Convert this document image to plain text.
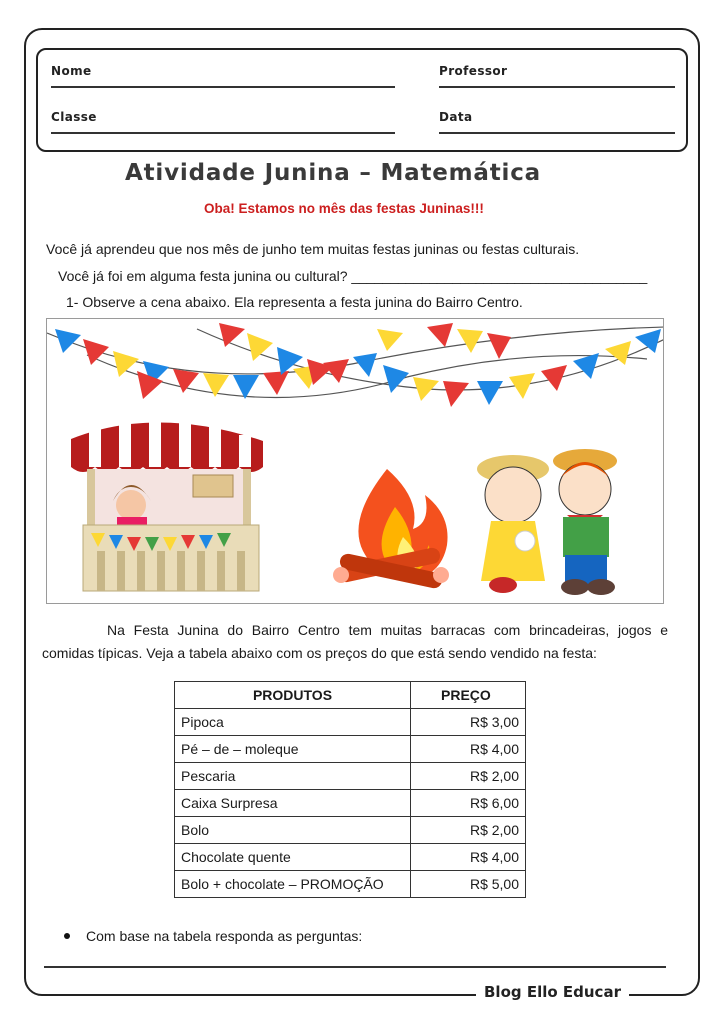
Nome	Professor
Classe	Data
Atividade Junina – Matemática
Oba! Estamos no mês das festas Juninas!!!
Você já aprendeu que nos mês de junho tem muitas festas juninas ou festas culturais.
Você já foi em alguma festa junina ou cultural? ______________________________________
1- Observe a cena abaixo. Ela representa a festa junina do Bairro Centro.
Na Festa Junina do Bairro Centro tem muitas barracas com brincadeiras, jogos e
comidas típicas. Veja a tabela abaixo com os preços do que está sendo vendido na festa:
PRODUTOS	PREÇO
Pipoca	R$ 3,00
Pé – de – moleque	R$ 4,00
Pescaria	R$ 2,00
Caixa Surpresa	R$ 6,00
Bolo	R$ 2,00
Chocolate quente	R$ 4,00
Bolo + chocolate – PROMOÇÃO	R$ 5,00
Com base na tabela responda as perguntas:
Blog Ello Educar
